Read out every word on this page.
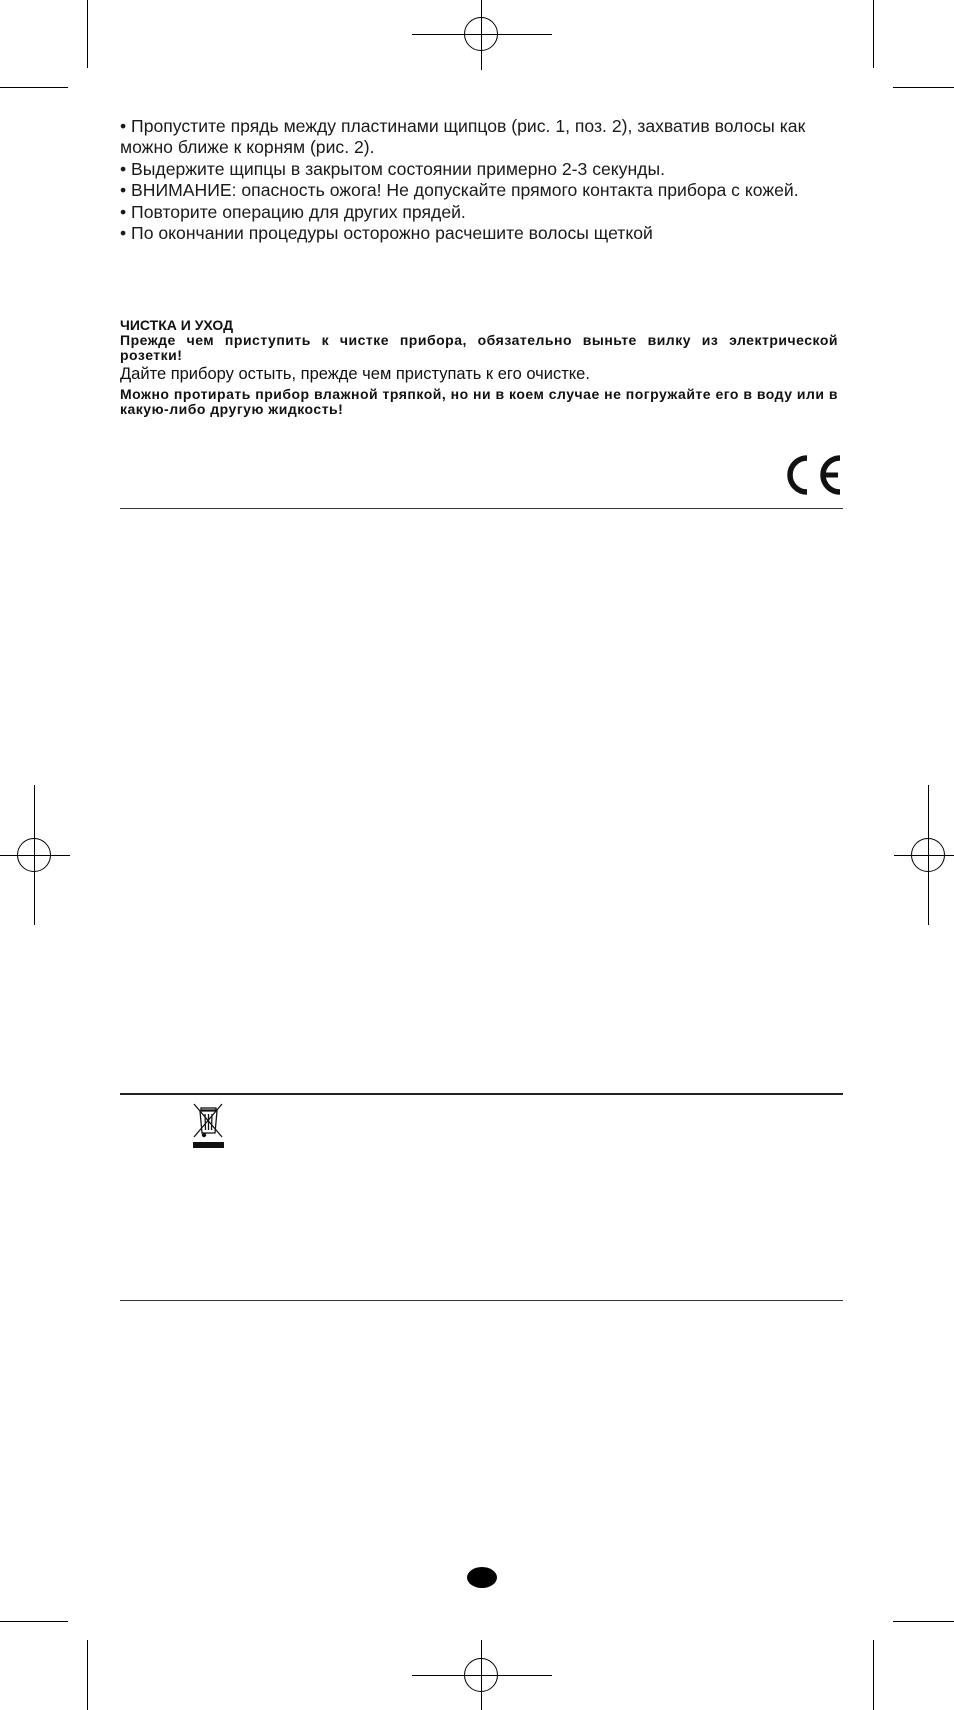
• Пропустите прядь между пластинами щипцов (рис. 1, поз. 2), захватив волосы как можно ближе к корням (рис. 2).

• Выдержите щипцы в закрытом состоянии примерно 2-3 секунды.

• ВНИМАНИЕ: опасность ожога! Не допускайте прямого контакта прибора с кожей.

• Повторите операцию для других прядей.

• По окончании процедуры осторожно расчешите волосы щеткой

ЧИСТКА И УХОД

Прежде чем приступить к чистке прибора, обязательно выньте вилку из электрической розетки!

Дайте прибору остыть, прежде чем приступать к его очистке.

Можно протирать прибор влажной тряпкой, но ни в коем случае не погружайте его в воду или в какую-либо другую жидкость!
